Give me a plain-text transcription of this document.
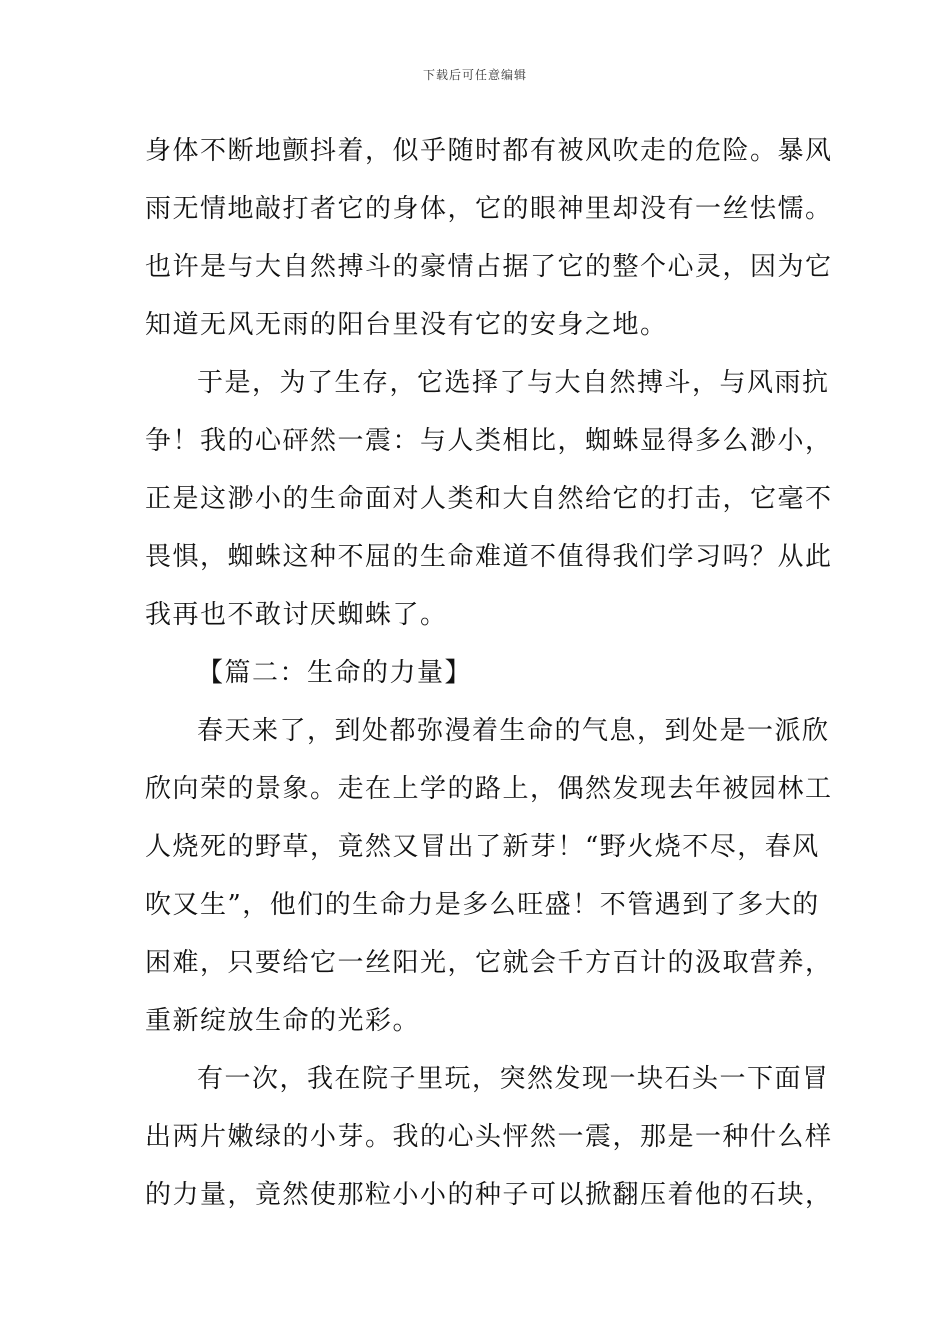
下载后可任意编辑
身体不断地颤抖着，似乎随时都有被风吹走的危险。暴风
雨无情地敲打者它的身体，它的眼神里却没有一丝怯懦。
也许是与大自然搏斗的豪情占据了它的整个心灵，因为它
知道无风无雨的阳台里没有它的安身之地。
于是，为了生存，它选择了与大自然搏斗，与风雨抗
争！我的心砰然一震：与人类相比，蜘蛛显得多么渺小，
正是这渺小的生命面对人类和大自然给它的打击，它毫不
畏惧，蜘蛛这种不屈的生命难道不值得我们学习吗？从此
我再也不敢讨厌蜘蛛了。
【篇二：生命的力量】
春天来了，到处都弥漫着生命的气息，到处是一派欣
欣向荣的景象。走在上学的路上，偶然发现去年被园林工
人烧死的野草，竟然又冒出了新芽！“野火烧不尽，春风
吹又生”，他们的生命力是多么旺盛！不管遇到了多大的
困难，只要给它一丝阳光，它就会千方百计的汲取营养，
重新绽放生命的光彩。
有一次，我在院子里玩，突然发现一块石头一下面冒
出两片嫩绿的小芽。我的心头怦然一震，那是一种什么样
的力量，竟然使那粒小小的种子可以掀翻压着他的石块，
